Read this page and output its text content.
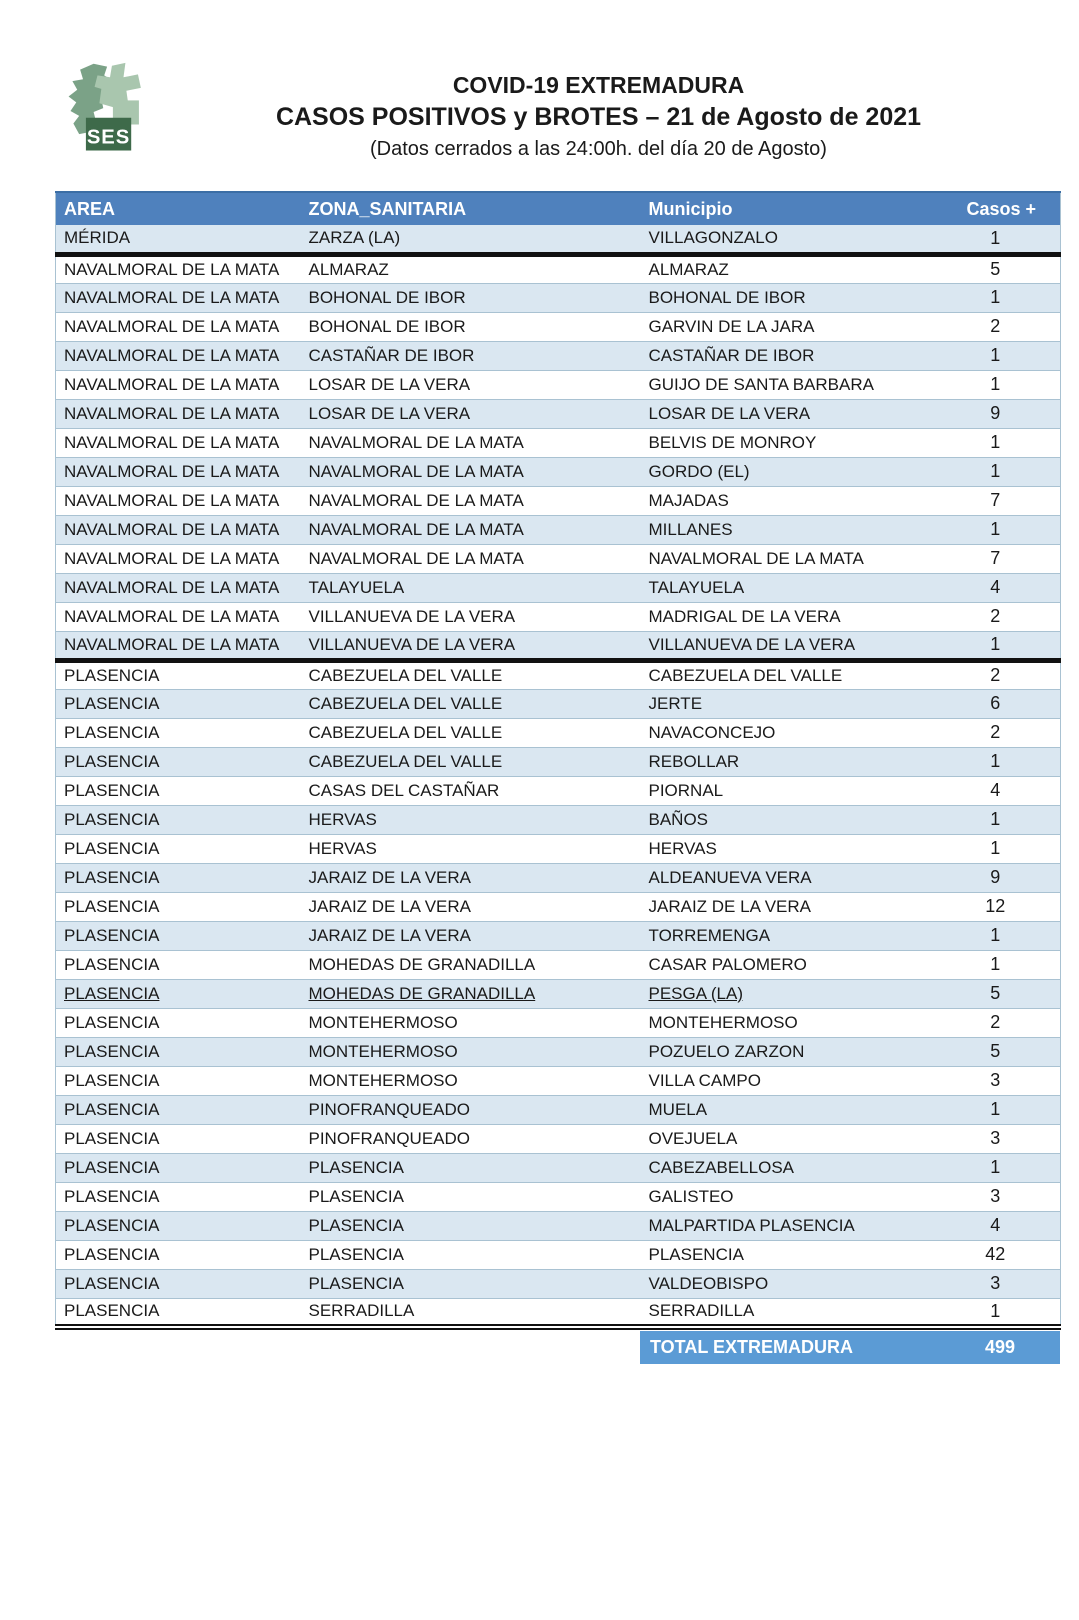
SES
COVID-19 EXTREMADURA
CASOS POSITIVOS y BROTES – 21 de Agosto de 2021
(Datos cerrados a las 24:00h. del día 20 de Agosto)
AREA	ZONA_SANITARIA	Municipio	Casos +
MÉRIDA	ZARZA (LA)	VILLAGONZALO	1
NAVALMORAL DE LA MATA	ALMARAZ	ALMARAZ	5
NAVALMORAL DE LA MATA	BOHONAL DE IBOR	BOHONAL DE IBOR	1
NAVALMORAL DE LA MATA	BOHONAL DE IBOR	GARVIN DE LA JARA	2
NAVALMORAL DE LA MATA	CASTAÑAR DE IBOR	CASTAÑAR DE IBOR	1
NAVALMORAL DE LA MATA	LOSAR DE LA VERA	GUIJO DE SANTA BARBARA	1
NAVALMORAL DE LA MATA	LOSAR DE LA VERA	LOSAR DE LA VERA	9
NAVALMORAL DE LA MATA	NAVALMORAL DE LA MATA	BELVIS DE MONROY	1
NAVALMORAL DE LA MATA	NAVALMORAL DE LA MATA	GORDO (EL)	1
NAVALMORAL DE LA MATA	NAVALMORAL DE LA MATA	MAJADAS	7
NAVALMORAL DE LA MATA	NAVALMORAL DE LA MATA	MILLANES	1
NAVALMORAL DE LA MATA	NAVALMORAL DE LA MATA	NAVALMORAL DE LA MATA	7
NAVALMORAL DE LA MATA	TALAYUELA	TALAYUELA	4
NAVALMORAL DE LA MATA	VILLANUEVA DE LA VERA	MADRIGAL DE LA VERA	2
NAVALMORAL DE LA MATA	VILLANUEVA DE LA VERA	VILLANUEVA DE LA VERA	1
PLASENCIA	CABEZUELA DEL VALLE	CABEZUELA DEL VALLE	2
PLASENCIA	CABEZUELA DEL VALLE	JERTE	6
PLASENCIA	CABEZUELA DEL VALLE	NAVACONCEJO	2
PLASENCIA	CABEZUELA DEL VALLE	REBOLLAR	1
PLASENCIA	CASAS DEL CASTAÑAR	PIORNAL	4
PLASENCIA	HERVAS	BAÑOS	1
PLASENCIA	HERVAS	HERVAS	1
PLASENCIA	JARAIZ DE LA VERA	ALDEANUEVA VERA	9
PLASENCIA	JARAIZ DE LA VERA	JARAIZ DE LA VERA	12
PLASENCIA	JARAIZ DE LA VERA	TORREMENGA	1
PLASENCIA	MOHEDAS DE GRANADILLA	CASAR PALOMERO	1
PLASENCIA	MOHEDAS DE GRANADILLA	PESGA (LA)	5
PLASENCIA	MONTEHERMOSO	MONTEHERMOSO	2
PLASENCIA	MONTEHERMOSO	POZUELO ZARZON	5
PLASENCIA	MONTEHERMOSO	VILLA CAMPO	3
PLASENCIA	PINOFRANQUEADO	MUELA	1
PLASENCIA	PINOFRANQUEADO	OVEJUELA	3
PLASENCIA	PLASENCIA	CABEZABELLOSA	1
PLASENCIA	PLASENCIA	GALISTEO	3
PLASENCIA	PLASENCIA	MALPARTIDA PLASENCIA	4
PLASENCIA	PLASENCIA	PLASENCIA	42
PLASENCIA	PLASENCIA	VALDEOBISPO	3
PLASENCIA	SERRADILLA	SERRADILLA	1
TOTAL EXTREMADURA	499
